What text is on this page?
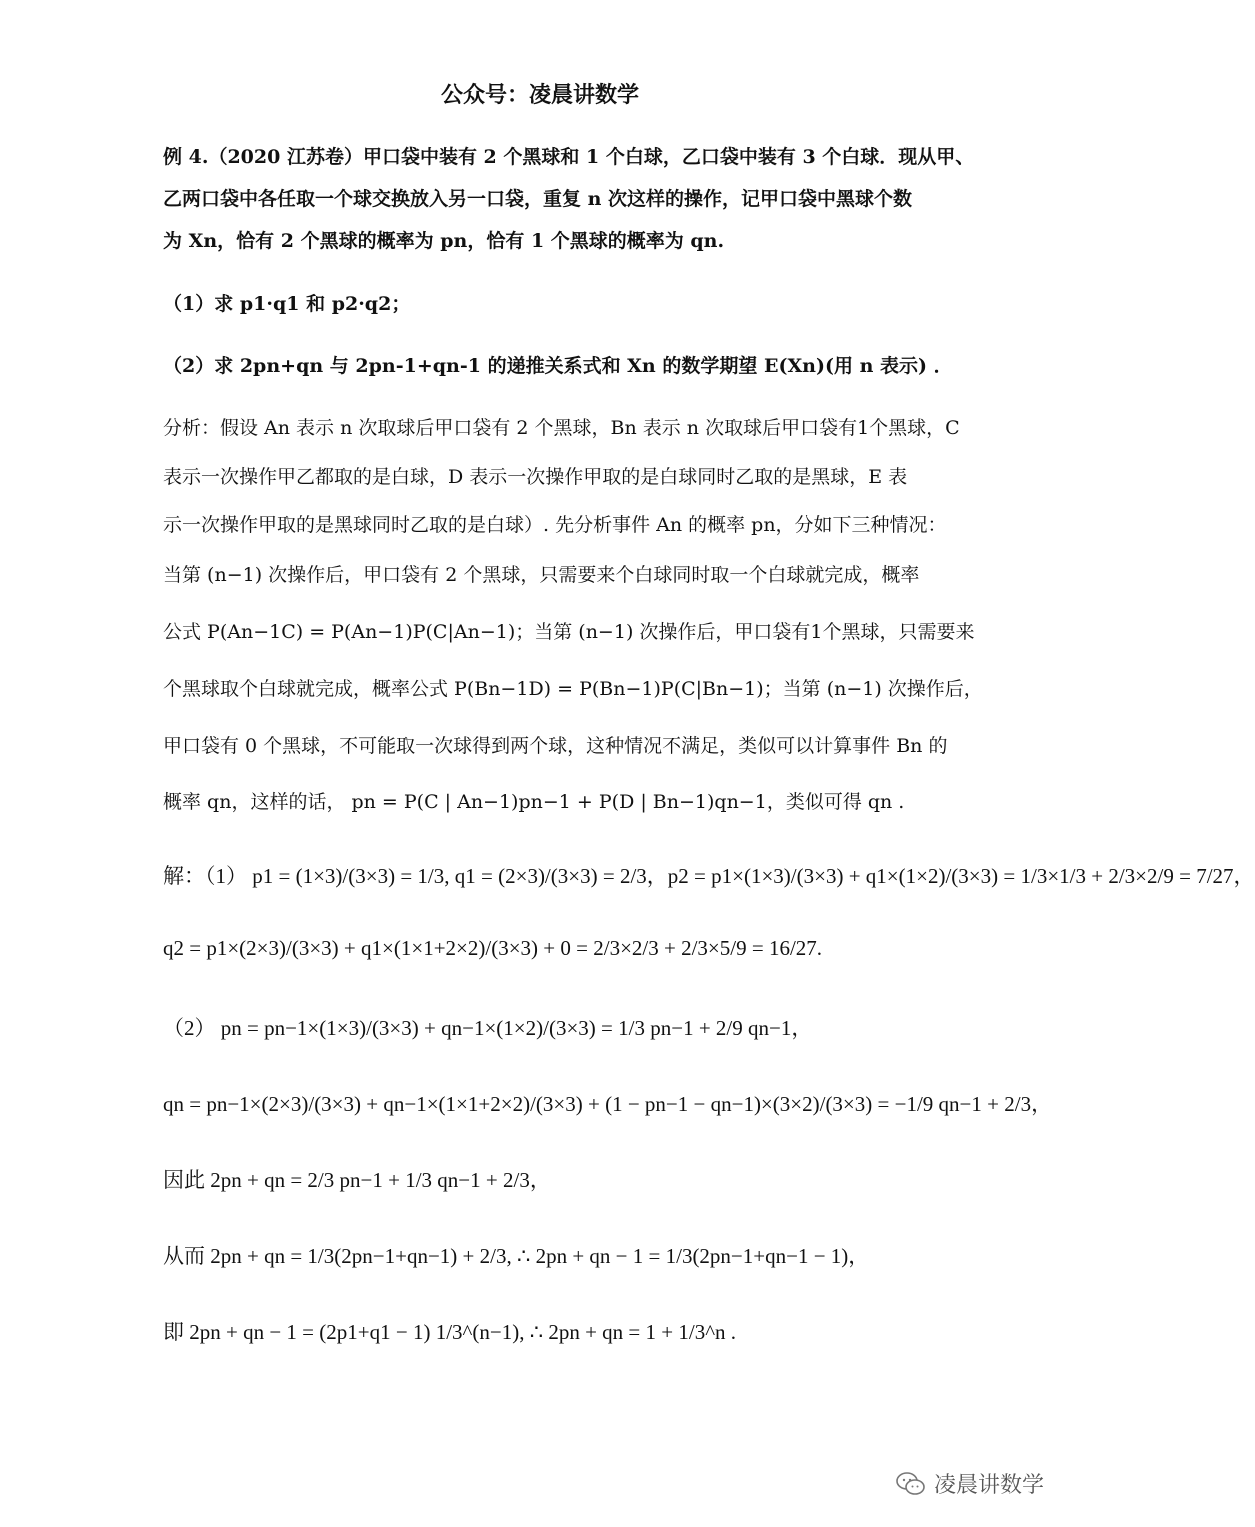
公众号：凌晨讲数学
例 4.（2020 江苏卷）甲口袋中装有 2 个黑球和 1 个白球，乙口袋中装有 3 个白球．现从甲、
乙两口袋中各任取一个球交换放入另一口袋，重复 n 次这样的操作，记甲口袋中黑球个数
为 Xn，恰有 2 个黑球的概率为 pn，恰有 1 个黑球的概率为 qn.
（1）求 p1·q1 和 p2·q2；
（2）求 2pn+qn 与 2pn-1+qn-1 的递推关系式和 Xn 的数学期望 E(Xn)(用 n 表示) ．
分析：假设 An 表示 n 次取球后甲口袋有 2 个黑球，Bn 表示 n 次取球后甲口袋有1个黑球，C
表示一次操作甲乙都取的是白球，D 表示一次操作甲取的是白球同时乙取的是黑球，E 表
示一次操作甲取的是黑球同时乙取的是白球）. 先分析事件 An 的概率 pn，分如下三种情况：
当第 (n−1) 次操作后，甲口袋有 2 个黑球，只需要来个白球同时取一个白球就完成，概率
公式 P(An−1C) = P(An−1)P(C|An−1)；当第 (n−1) 次操作后，甲口袋有1个黑球，只需要来
个黑球取个白球就完成，概率公式 P(Bn−1D) = P(Bn−1)P(C|Bn−1)；当第 (n−1) 次操作后，
甲口袋有 0 个黑球，不可能取一次球得到两个球，这种情况不满足，类似可以计算事件 Bn 的
概率 qn，这样的话， pn = P(C | An−1)pn−1 + P(D | Bn−1)qn−1，类似可得 qn .
解：（1） p1 = (1×3)/(3×3) = 1/3, q1 = (2×3)/(3×3) = 2/3，p2 = p1×(1×3)/(3×3) + q1×(1×2)/(3×3) = 1/3×1/3 + 2/3×2/9 = 7/27，
q2 = p1×(2×3)/(3×3) + q1×(1×1+2×2)/(3×3) + 0 = 2/3×2/3 + 2/3×5/9 = 16/27.
（2） pn = pn−1×(1×3)/(3×3) + qn−1×(1×2)/(3×3) = 1/3 pn−1 + 2/9 qn−1，
qn = pn−1×(2×3)/(3×3) + qn−1×(1×1+2×2)/(3×3) + (1 − pn−1 − qn−1)×(3×2)/(3×3) = −1/9 qn−1 + 2/3，
因此 2pn + qn = 2/3 pn−1 + 1/3 qn−1 + 2/3，
从而 2pn + qn = 1/3(2pn−1+qn−1) + 2/3, ∴ 2pn + qn − 1 = 1/3(2pn−1+qn−1 − 1)，
即 2pn + qn − 1 = (2p1+q1 − 1) 1/3^(n−1), ∴ 2pn + qn = 1 + 1/3^n .
凌晨讲数学
